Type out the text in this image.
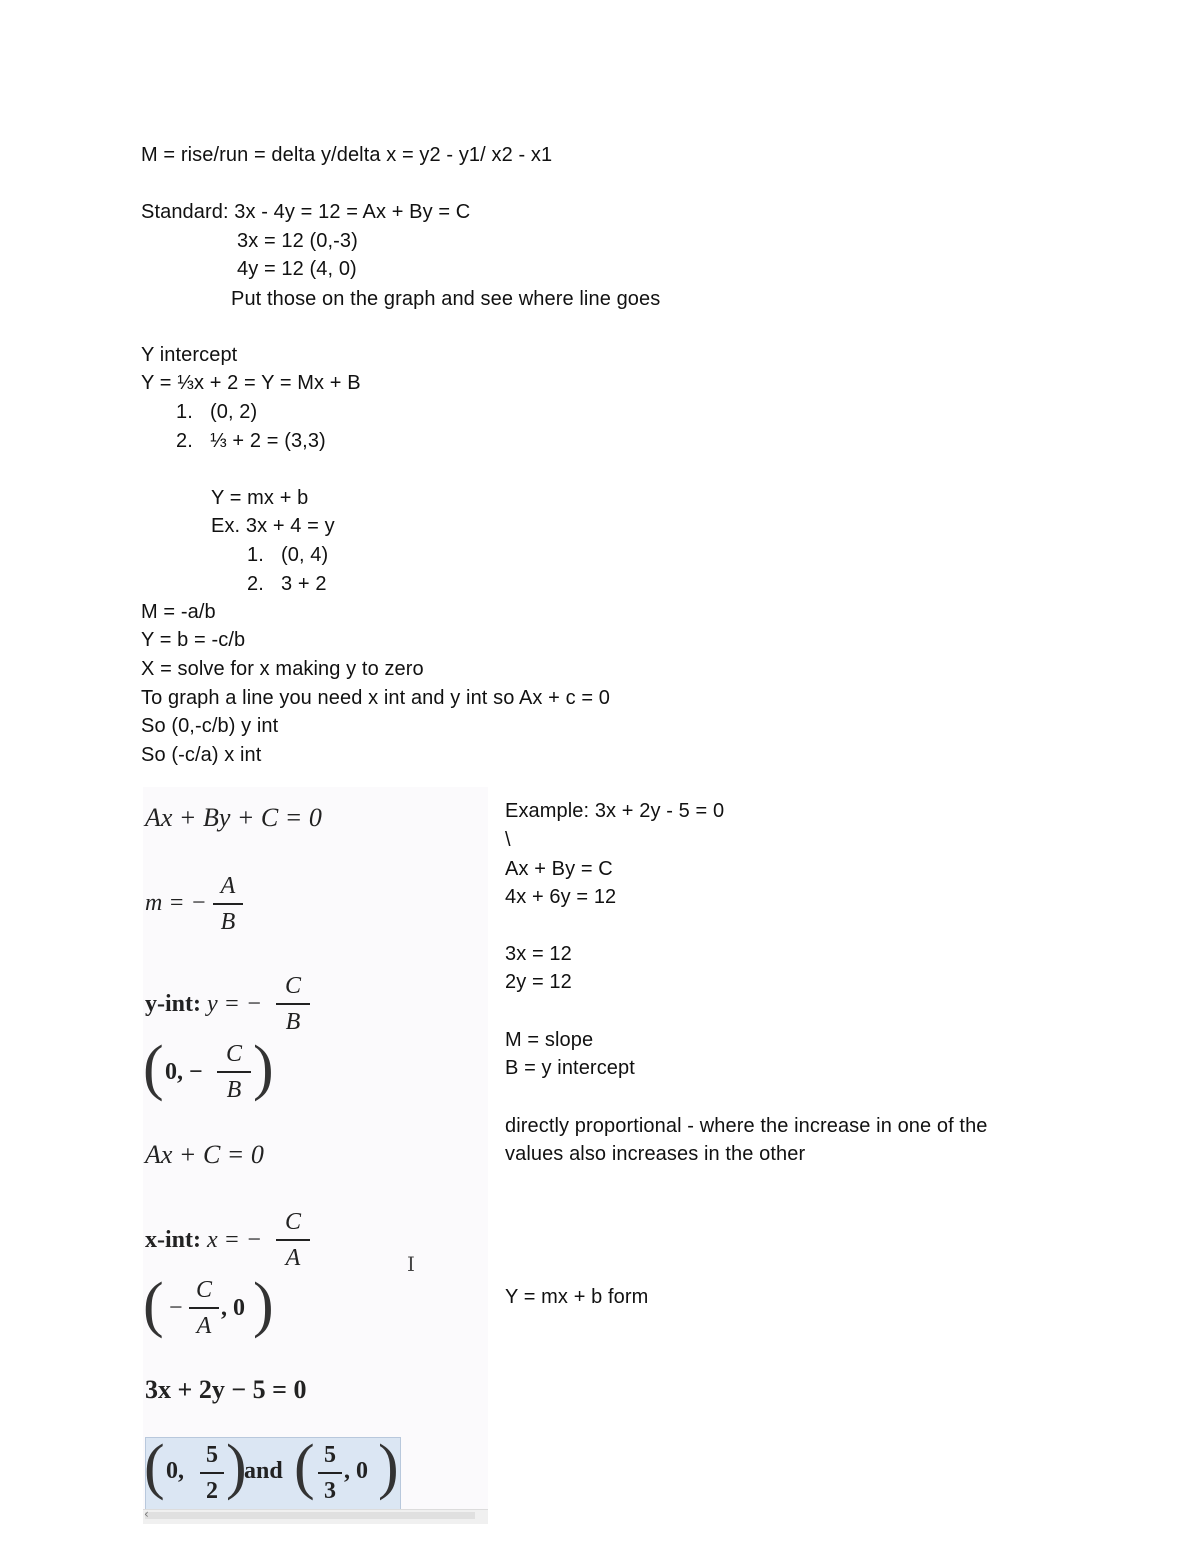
M = rise/run = delta y/delta x = y2 - y1/ x2 - x1
Standard: 3x - 4y = 12 = Ax + By = C
3x = 12 (0,-3)
4y = 12 (4, 0)
Put those on the graph and see where line goes
Y intercept
Y = ⅓x + 2 = Y = Mx + B
1. (0, 2)
2. ⅓ + 2 = (3,3)
Y = mx + b
Ex. 3x + 4 = y
1. (0, 4)
2. 3 + 2
M = -a/b
Y = b = -c/b
X = solve for x making y to zero
To graph a line you need x int and y int so Ax + c = 0
So (0,-c/b) y int
So (-c/a) x int
Ax + By + C = 0
m = −
A
B
y-int: y = −
C
B
( 0, −
C
B )
Ax + C = 0
x-int: x = −
C
A
( −
C
A
, 0 )
3x + 2y − 5 = 0
( 0,
5
2 )
and ( 5
3
, 0 )
‹
Example: 3x + 2y - 5 = 0
\
Ax + By = C
4x + 6y = 12
3x = 12
2y = 12
M = slope
B = y intercept
directly proportional - where the increase in one of the
values also increases in the other
Y = mx + b form
I
